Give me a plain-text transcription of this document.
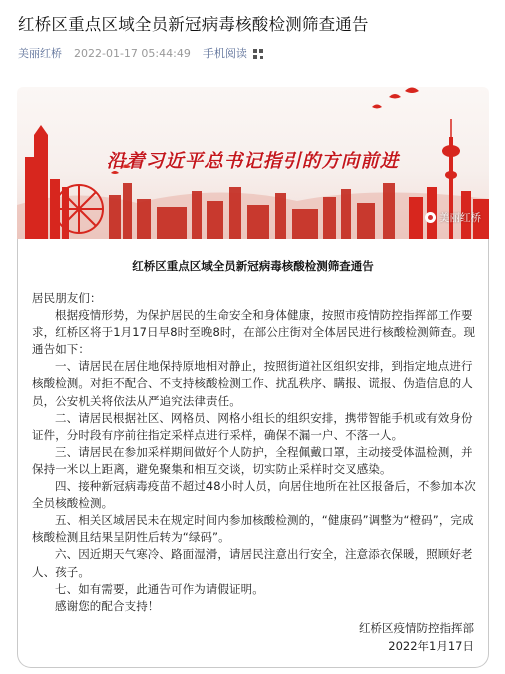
红桥区重点区域全员新冠病毒核酸检测筛查通告
美丽红桥 2022-01-17 05:44:49 手机阅读
沿着习近平总书记指引的方向前进
美丽红桥
红桥区重点区域全员新冠病毒核酸检测筛查通告

居民朋友们：

根据疫情形势，为保护居民的生命安全和身体健康，按照市疫情防控指挥部工作要求，红桥区将于1月17日早8时至晚8时，在部公庄街对全体居民进行核酸检测筛查。现通告如下：

一、请居民在居住地保持原地相对静止，按照街道社区组织安排，到指定地点进行核酸检测。对拒不配合、不支持核酸检测工作、扰乱秩序、瞒报、谎报、伪造信息的人员，公安机关将依法从严追究法律责任。

二、请居民根据社区、网格员、网格小组长的组织安排，携带智能手机或有效身份证件，分时段有序前往指定采样点进行采样，确保不漏一户、不落一人。

三、请居民在参加采样期间做好个人防护，全程佩戴口罩，主动接受体温检测，并保持一米以上距离，避免聚集和相互交谈，切实防止采样时交叉感染。

四、接种新冠病毒疫苗不超过48小时人员，向居住地所在社区报备后，不参加本次全员核酸检测。

五、相关区域居民未在规定时间内参加核酸检测的，“健康码”调整为“橙码”，完成核酸检测且结果呈阴性后转为“绿码”。

六、因近期天气寒冷、路面湿滑，请居民注意出行安全，注意添衣保暖，照顾好老人、孩子。

七、如有需要，此通告可作为请假证明。

感谢您的配合支持！

红桥区疫情防控指挥部
2022年1月17日
